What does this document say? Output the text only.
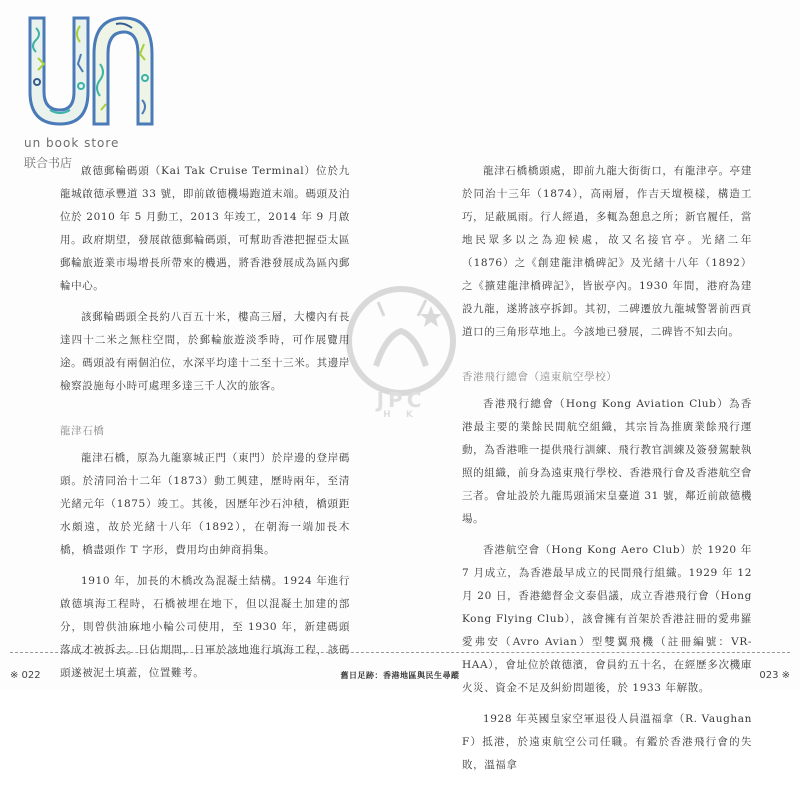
un book store
联合书店
JPC
H K

啟德郵輪碼頭（Kai Tak Cruise Terminal）位於九龍城啟德承豐道 33 號，即前啟德機場跑道末端。碼頭及泊位於 2010 年 5 月動工，2013 年竣工，2014 年 9 月啟用。政府期望，發展啟德郵輪碼頭，可幫助香港把握亞太區郵輪旅遊業市場增長所帶來的機遇，將香港發展成為區內郵輪中心。

該郵輪碼頭全長約八百五十米，樓高三層，大樓內有長達四十二米之無柱空間，於郵輪旅遊淡季時，可作展覽用途。碼頭設有兩個泊位，水深平均達十二至十三米。其邊岸檢察設施每小時可處理多達三千人次的旅客。

龍津石橋

龍津石橋，原為九龍寨城正門（東門）於岸邊的登岸碼頭。於清同治十二年（1873）動工興建，歷時兩年，至清光緒元年（1875）竣工。其後，因歷年沙石沖積，橋頭距水頗遠，故於光緒十八年（1892），在朝海一端加長木橋，橋盡頭作 T 字形，費用均由紳商捐集。

1910 年，加長的木橋改為混凝土結構。1924 年進行啟德填海工程時，石橋被埋在地下，但以混凝土加建的部分，則曾供油麻地小輪公司使用，至 1930 年，新建碼頭落成才被拆去。日佔期間，日軍於該地進行填海工程，該碼頭遂被泥土填蓋，位置難考。

龍津石橋橋頭處，即前九龍大街街口，有龍津亭。亭建於同治十三年（1874），高兩層，作吉天壇模樣，構造工巧，足蔽風雨。行人經過，多輒為憩息之所；新官履任，當地民眾多以之為迎候處，故又名接官亭。光緒二年（1876）之《創建龍津橋碑記》及光緒十八年（1892）之《擴建龍津橋碑記》，皆嵌亭內。1930 年間，港府為建設九龍，遂將該亭拆卸。其初，二碑遷放九龍城警署前西貢道口的三角形草地上。今該地已發展，二碑皆不知去向。

香港飛行總會（遠東航空學校）

香港飛行總會（Hong Kong Aviation Club）為香港最主要的業餘民間航空組織，其宗旨為推廣業餘飛行運動，為香港唯一提供飛行訓練、飛行教官訓練及簽發駕駛執照的組織，前身為遠東飛行學校、香港飛行會及香港航空會三者。會址設於九龍馬頭涌宋皇臺道 31 號，鄰近前啟德機場。

香港航空會（Hong Kong Aero Club）於 1920 年 7 月成立，為香港最早成立的民間飛行組織。1929 年 12 月 20 日，香港總督金文泰倡議，成立香港飛行會（Hong Kong Flying Club），該會擁有首架於香港註冊的愛弗羅愛弗安（Avro Avian）型雙翼飛機（註冊編號：VR-HAA），會址位於啟德濱，會員約五十名，在經歷多次機庫火災、資金不足及糾紛問題後，於 1933 年解散。

1928 年英國皇家空軍退役人員溫福拿（R. Vaughan F）抵港，於遠東航空公司任職。有鑑於香港飛行會的失敗，溫福拿

※ 022	舊日足跡：香港地區與民生尋蹤	023 ※
